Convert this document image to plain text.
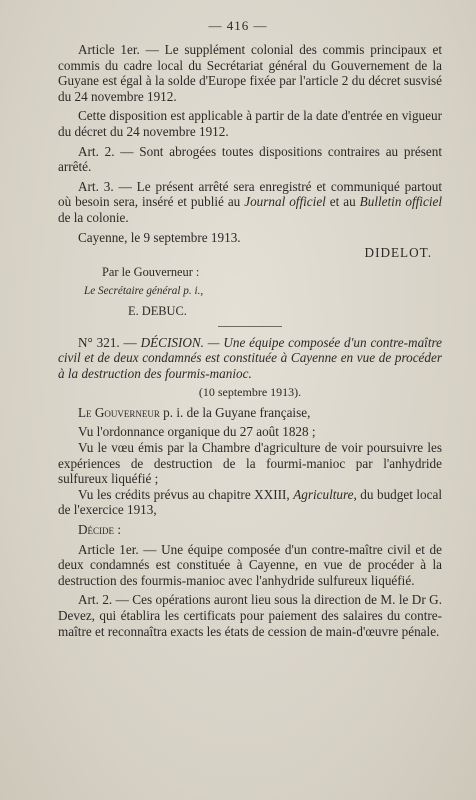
— 416 —

Article 1er. — Le supplément colonial des commis principaux et commis du cadre local du Secrétariat général du Gouvernement de la Guyane est égal à la solde d'Europe fixée par l'article 2 du décret susvisé du 24 novembre 1912.

Cette disposition est applicable à partir de la date d'entrée en vigueur du décret du 24 novembre 1912.

Art. 2. — Sont abrogées toutes dispositions contraires au présent arrêté.

Art. 3. — Le présent arrêté sera enregistré et communiqué partout où besoin sera, inséré et publié au Journal officiel et au Bulletin officiel de la colonie.

Cayenne, le 9 septembre 1913.

DIDELOT.

Par le Gouverneur :

Le Secrétaire général p. i.,

E. DEBUC.

N° 321. — DÉCISION. — Une équipe composée d'un contre-maître civil et de deux condamnés est constituée à Cayenne en vue de procéder à la destruction des fourmis-manioc.

(10 septembre 1913).

Le Gouverneur p. i. de la Guyane française,

Vu l'ordonnance organique du 27 août 1828 ;

Vu le vœu émis par la Chambre d'agriculture de voir poursuivre les expériences de destruction de la fourmi-manioc par l'anhydride sulfureux liquéfié ;

Vu les crédits prévus au chapitre XXIII, Agriculture, du budget local de l'exercice 1913,

Décide :

Article 1er. — Une équipe composée d'un contre-maître civil et de deux condamnés est constituée à Cayenne, en vue de procéder à la destruction des fourmis-manioc avec l'anhydride sulfureux liquéfié.

Art. 2. — Ces opérations auront lieu sous la direction de M. le Dr G. Devez, qui établira les certificats pour paiement des salaires du contre-maître et reconnaîtra exacts les états de cession de main-d'œuvre pénale.
